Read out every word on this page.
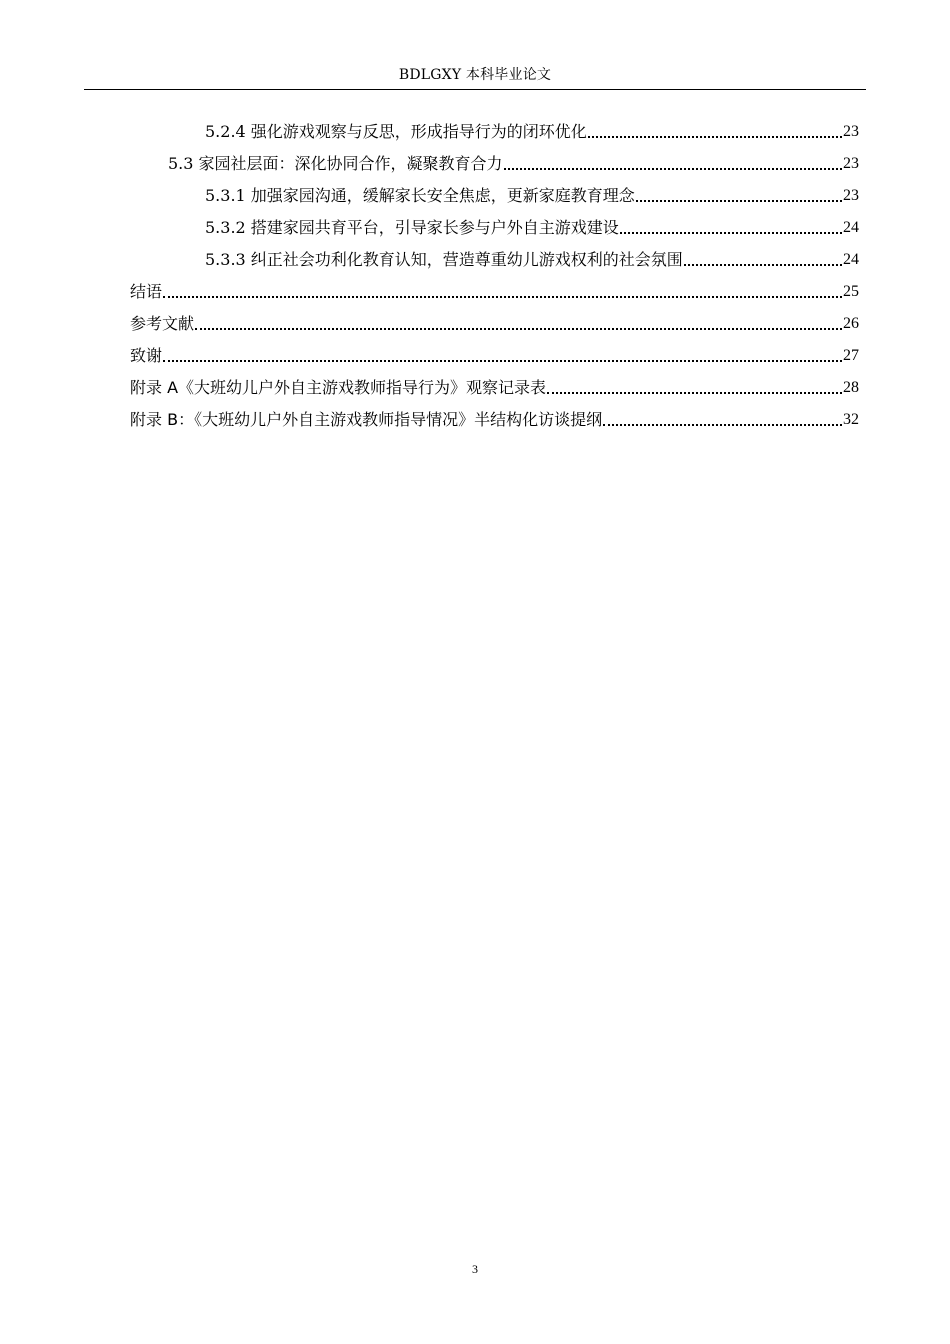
BDLGXY 本科毕业论文
5.2.4 强化游戏观察与反思，形成指导行为的闭环优化	23
5.3 家园社层面：深化协同合作，凝聚教育合力	23
5.3.1 加强家园沟通，缓解家长安全焦虑，更新家庭教育理念	23
5.3.2 搭建家园共育平台，引导家长参与户外自主游戏建设	24
5.3.3 纠正社会功利化教育认知，营造尊重幼儿游戏权利的社会氛围	24
结语	25
参考文献	26
致谢	27
附录 A《大班幼儿户外自主游戏教师指导行为》观察记录表	28
附录 B：《大班幼儿户外自主游戏教师指导情况》半结构化访谈提纲	32
3
